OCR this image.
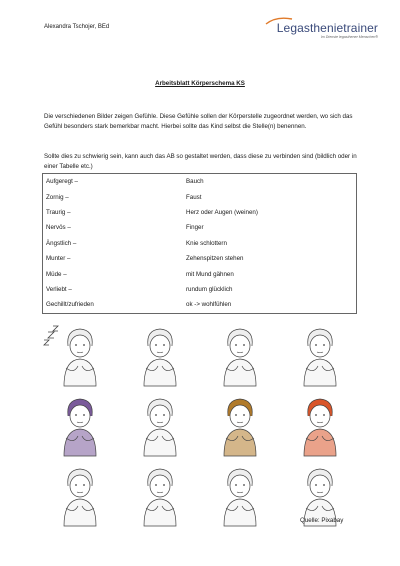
Alexandra Tschojer, BEd	Legasthenietrainer
Im Dienste legasthener Menschen®
Arbeitsblatt Körperschema KS
Die verschiedenen Bilder zeigen Gefühle. Diese Gefühle sollen der Körperstelle zugeordnet werden, wo sich das Gefühl besonders stark bemerkbar macht. Hierbei sollte das Kind selbst die Stelle(n) benennen.
Sollte dies zu schwierig sein, kann auch das AB so gestaltet werden, dass diese zu verbinden sind (bildlich oder in einer Tabelle etc.)
Aufgeregt –	Bauch
Zornig –	Faust
Traurig –	Herz oder Augen (weinen)
Nervös –	Finger
Ängstlich –	Knie schlottern
Munter –	Zehenspitzen stehen
Müde –	mit Mund gähnen
Verliebt –	rundum glücklich
Gechillt/zufrieden	ok -> wohlfühlen
Quelle: Pixabay
